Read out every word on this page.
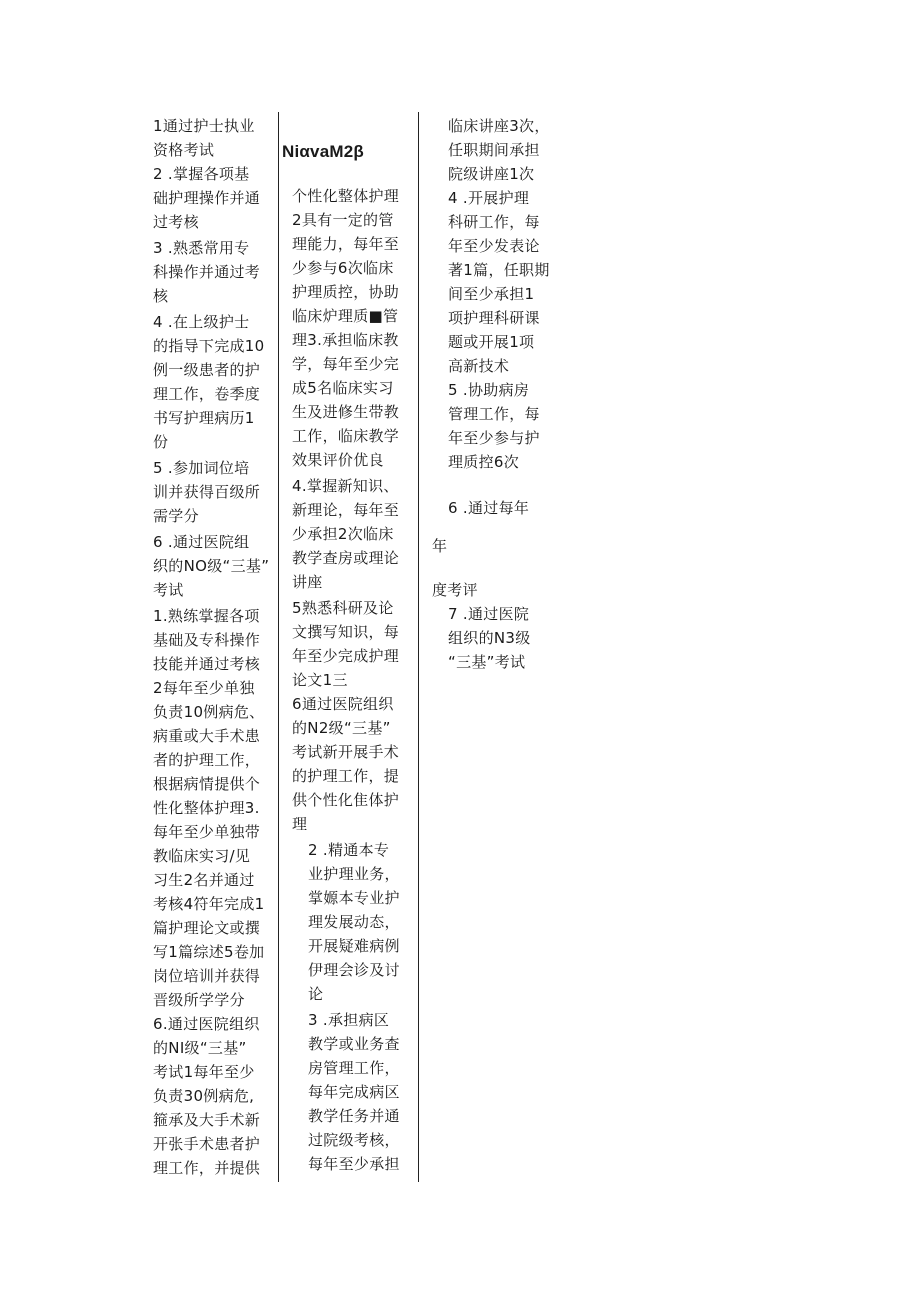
1通过护士执业
资格考试
2 .掌握各项基
础护理操作并通
过考核
3 .熟悉常用专
科操作并通过考
核
4 .在上级护士
的指导下完成10
例一级患者的护
理工作，卷季度
书写护理病历1
份
5 .参加词位培
训并获得百级所
需学分
6 .通过医院组
织的NO级“三基”
考试
1.熟练掌握各项
基础及专科操作
技能并通过考核
2每年至少单独
负责10例病危、
病重或大手术患
者的护理工作，
根据病情提供个
性化整体护理3.
每年至少单独带
教临床实习/见
习生2名并通过
考核4符年完成1
篇护理论文或撰
写1篇综述5卷加
岗位培训并获得
晋级所学学分
6.通过医院组织
的NI级“三基”
考试1每年至少
负责30例病危,
箍承及大手术新
开张手术患者护
理工作，并提供
NiαvaM2β
个性化整体护理
2具有一定的管
理能力，每年至
少参与6次临床
护理质控，协助
临床炉理质■管
理3.承担临床教
学，每年至少完
成5名临床实习
生及进修生带教
工作，临床教学
效果评价优良
4.掌握新知识、
新理论，每年至
少承担2次临床
教学查房或理论
讲座
5熟悉科研及论
文撰写知识，每
年至少完成护理
论文1三
6通过医院组织
的N2级“三基”
考试新开展手术
的护理工作，提
供个性化隹体护
理
2 .精通本专
业护理业务，
掌嫄本专业护
理发展动态，
开展疑难病例
伊理会诊及讨
论
3 .承担病区
教学或业务查
房管理工作，
每年完成病区
教学任务并通
过院级考核，
每年至少承担
临床讲座3次，
任职期间承担
院级讲座1次
4 .开展护理
科研工作，每
年至少发表论
著1篇，任职期
间至少承担1
项护理科研课
题或开展1项
高新技术
5 .协助病房
管理工作，每
年至少参与护
理质控6次
6 .通过每年
年
度考评
7 .通过医院
组织的N3级
“三基”考试
